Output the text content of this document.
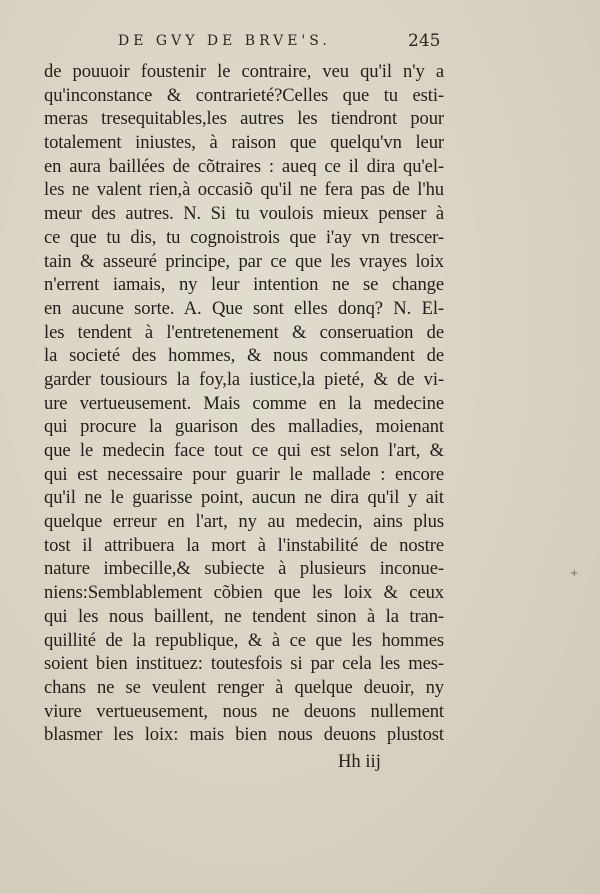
DE GVY DE BRVE'S.	245
de pouuoir foustenir le contraire, veu qu'il n'y a
qu'inconstance & contrarieté?Celles que tu esti-
meras tresequitables,les autres les tiendront pour
totalement iniustes, à raison que quelqu'vn leur
en aura baillées de cõtraires : aueq ce il dira qu'el-
les ne valent rien,à occasiõ qu'il ne fera pas de l'hu
meur des autres. N. Si tu voulois mieux penser à
ce que tu dis, tu cognoistrois que i'ay vn trescer-
tain & asseuré principe, par ce que les vrayes loix
n'errent iamais, ny leur intention ne se change
en aucune sorte. A. Que sont elles donq? N. El-
les tendent à l'entretenement & conseruation de
la societé des hommes, & nous commandent de
garder tousiours la foy,la iustice,la pieté, & de vi-
ure vertueusement. Mais comme en la medecine
qui procure la guarison des malladies, moienant
que le medecin face tout ce qui est selon l'art, &
qui est necessaire pour guarir le mallade : encore
qu'il ne le guarisse point, aucun ne dira qu'il y ait
quelque erreur en l'art, ny au medecin, ains plus
tost il attribuera la mort à l'instabilité de nostre
nature imbecille,& subiecte à plusieurs inconue-
niens:Semblablement cõbien que les loix & ceux
qui les nous baillent, ne tendent sinon à la tran-
quillité de la republique, & à ce que les hommes
soient bien instituez: toutesfois si par cela les mes-
chans ne se veulent renger à quelque deuoir, ny
viure vertueusement, nous ne deuons nullement
blasmer les loix: mais bien nous deuons plustost
Hh iij
+
